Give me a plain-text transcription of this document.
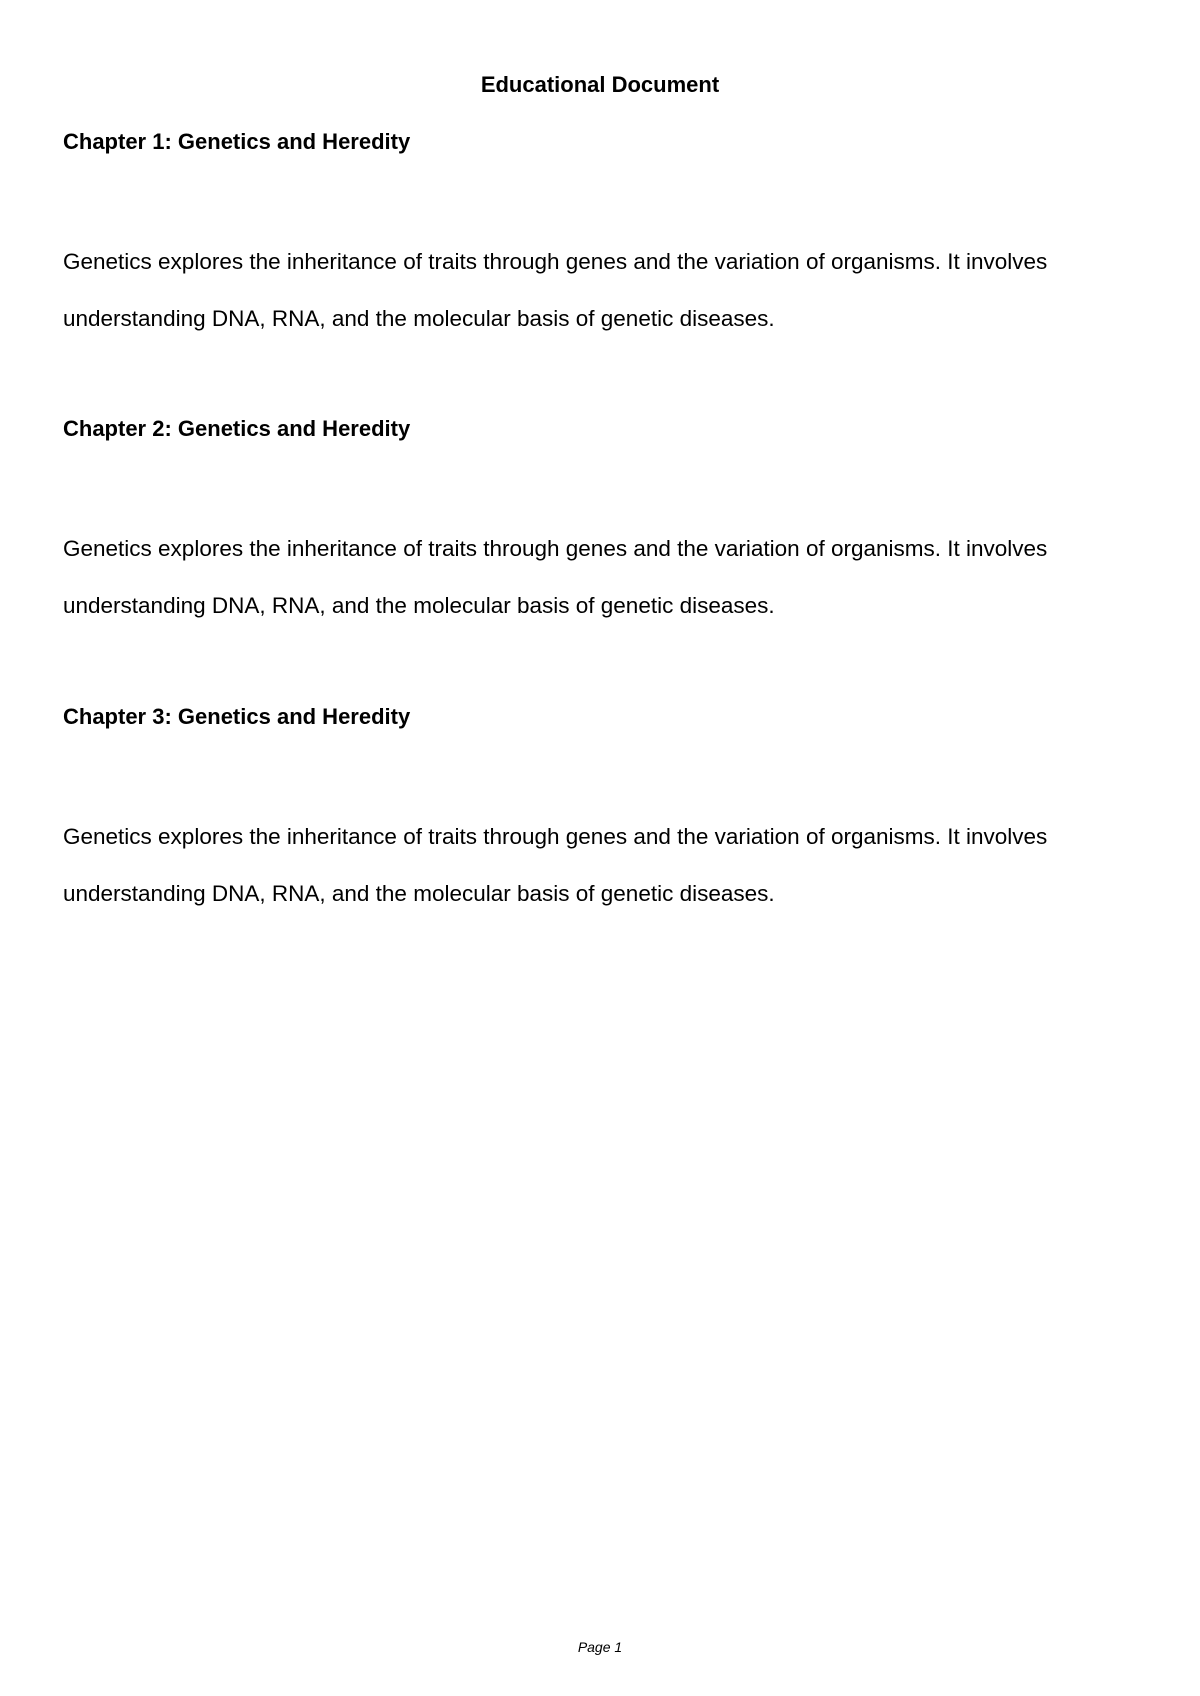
Educational Document
Chapter 1: Genetics and Heredity

Genetics explores the inheritance of traits through genes and the variation of organisms. It involves
understanding DNA, RNA, and the molecular basis of genetic diseases.

Chapter 2: Genetics and Heredity

Genetics explores the inheritance of traits through genes and the variation of organisms. It involves
understanding DNA, RNA, and the molecular basis of genetic diseases.

Chapter 3: Genetics and Heredity

Genetics explores the inheritance of traits through genes and the variation of organisms. It involves
understanding DNA, RNA, and the molecular basis of genetic diseases.

Page 1
